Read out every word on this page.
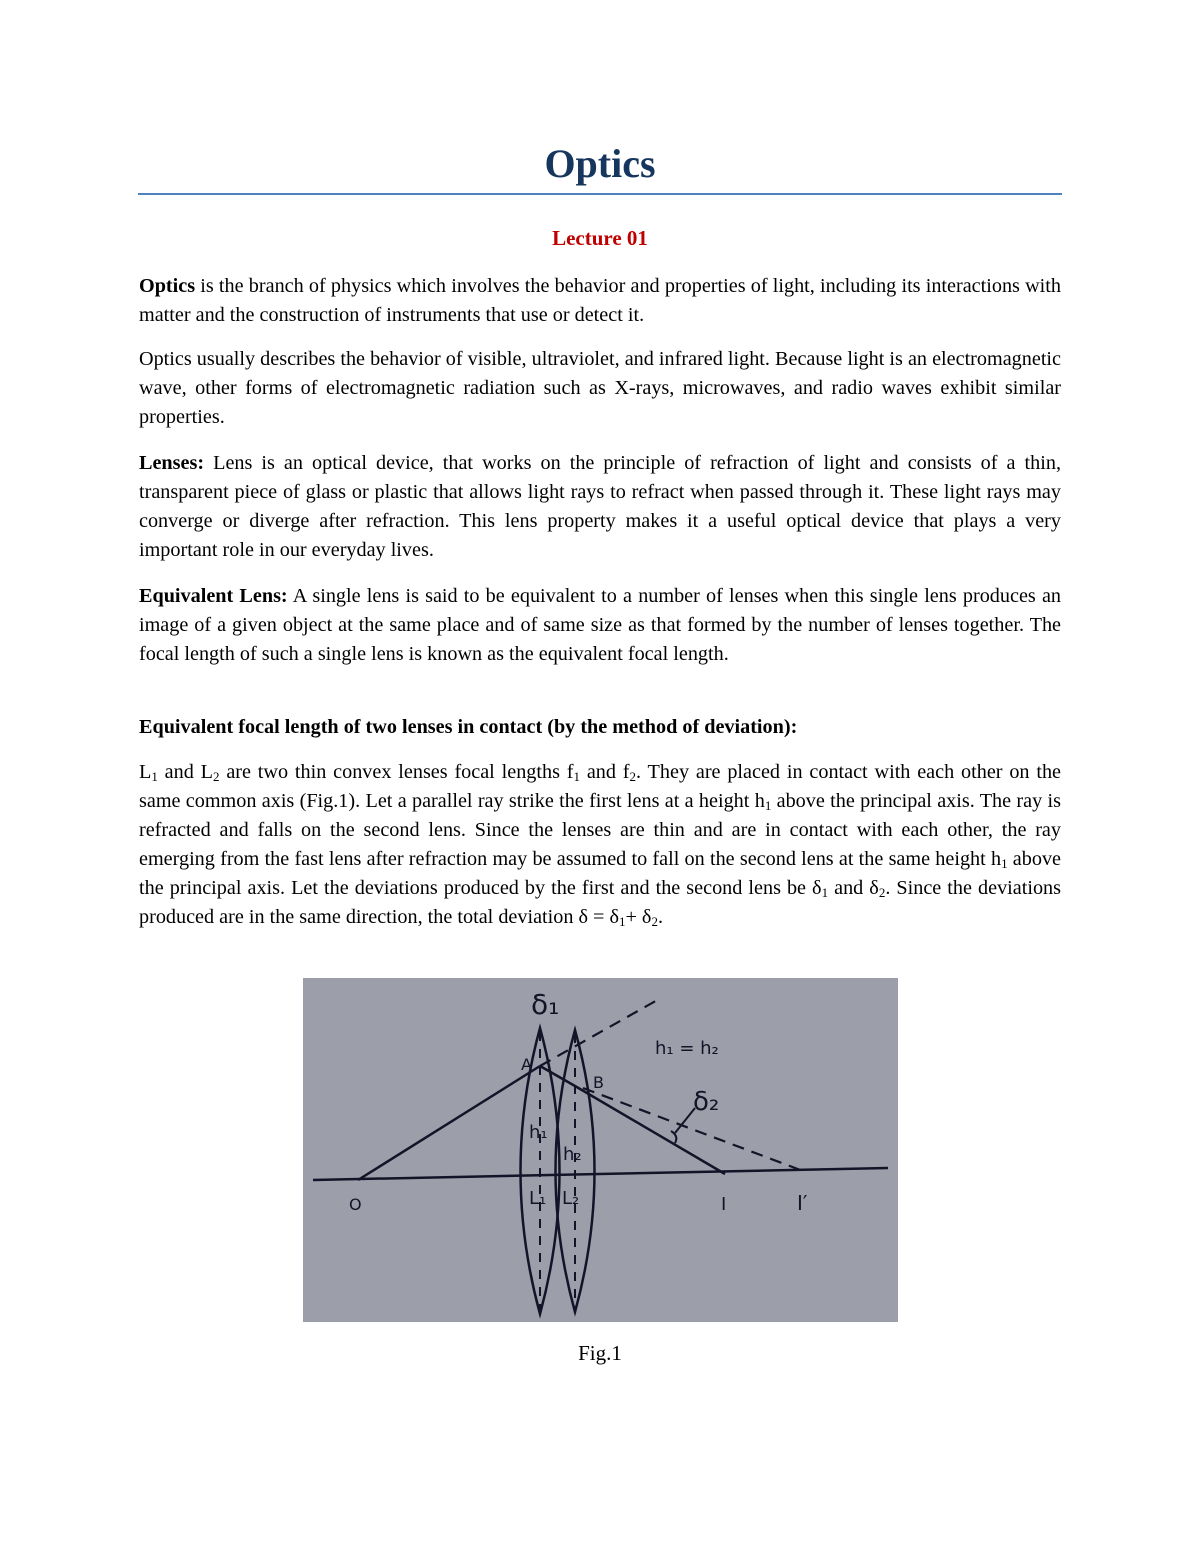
Optics
Lecture 01

Optics is the branch of physics which involves the behavior and properties of light, including its interactions with matter and the construction of instruments that use or detect it.

Optics usually describes the behavior of visible, ultraviolet, and infrared light. Because light is an electromagnetic wave, other forms of electromagnetic radiation such as X-rays, microwaves, and radio waves exhibit similar properties.

Lenses: Lens is an optical device, that works on the principle of refraction of light and consists of a thin, transparent piece of glass or plastic that allows light rays to refract when passed through it. These light rays may converge or diverge after refraction. This lens property makes it a useful optical device that plays a very important role in our everyday lives.

Equivalent Lens: A single lens is said to be equivalent to a number of lenses when this single lens produces an image of a given object at the same place and of same size as that formed by the number of lenses together. The focal length of such a single lens is known as the equivalent focal length.

Equivalent focal length of two lenses in contact (by the method of deviation):

$L_1$ and $L_2$ are two thin convex lenses focal lengths $f_1$ and $f_2$. They are placed in contact with each other on the same common axis (Fig.1). Let a parallel ray strike the first lens at a height $h_1$ above the principal axis. The ray is refracted and falls on the second lens. Since the lenses are thin and are in contact with each other, the ray emerging from the fast lens after refraction may be assumed to fall on the second lens at the same height $h_1$ above the principal axis. Let the deviations produced by the first and the second lens be $\delta_1$ and $\delta_2$. Since the deviations produced are in the same direction, the total deviation $\delta = \delta_1+ \delta_2$.

δ₁
h₁ = h₂
A
B
δ₂
h₁
h₂
O	L₁ L₂	I	I′
Fig.1
